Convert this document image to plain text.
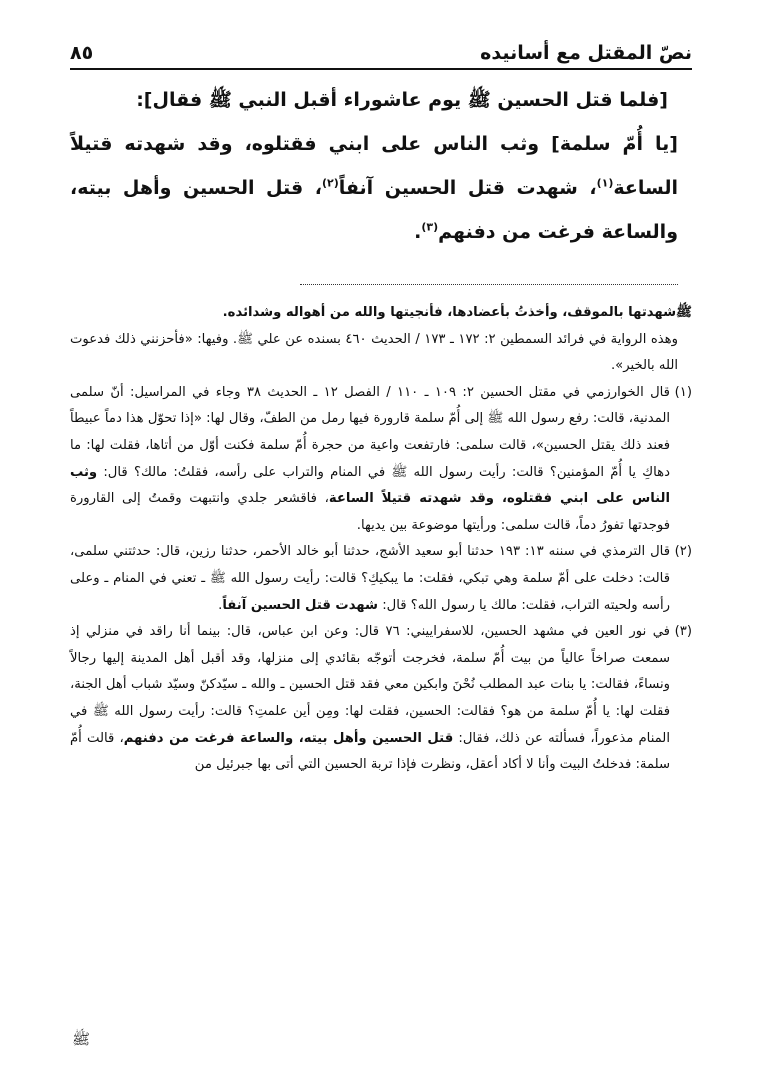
نصّ المقتل مع أسانيده
٨٥

[فلما قتل الحسين ﷺ يوم عاشوراء أقبل النبي ﷺ فقال]:

[يا أُمّ سلمة] وثب الناس على ابني فقتلوه، وقد شهدته قتيلاً الساعة$^{(١)}$، شهدت قتل الحسين آنفاً$^{(٢)}$، قتل الحسين وأهل بيته، والساعة فرغت من دفنهم$^{(٣)}$.

ﷺشهدتها بالموقف، وأخذتُ بأعضادها، فأنجيتها والله من أهواله وشدائده.

وهذه الرواية في فرائد السمطين ٢: ١٧٢ ـ ١٧٣ / الحديث ٤٦٠ بسنده عن علي ﷺ. وفيها: «فأحزنني ذلك فدعوت الله بالخير».

(١)
قال الخوارزمي في مقتل الحسين ٢: ١٠٩ ـ ١١٠ / الفصل ١٢ ـ الحديث ٣٨ وجاء في المراسيل: أنّ سلمى المدنية، قالت: رفع رسول الله ﷺ إلى أُمّ سلمة قارورة فيها رمل من الطفّ، وقال لها: «إذا تحوّل هذا دماً عبيطاً فعند ذلك يقتل الحسين»، قالت سلمى: فارتفعت واعية من حجرة أُمّ سلمة فكنت أوّل من أتاها، فقلت لها: ما دهاكِ يا أُمّ المؤمنين؟ قالت: رأيت رسول الله ﷺ في المنام والتراب على رأسه، فقلتُ: مالك؟ قال: وثب الناس على ابني فقتلوه، وقد شهدته قتيلاً الساعة، فاقشعر جلدي وانتبهت وقمتُ إلى القارورة فوجدتها تفورُ دماً، قالت سلمى: ورأيتها موضوعة بين يديها.
(٢)
قال الترمذي في سننه ١٣: ١٩٣ حدثنا أبو سعيد الأشج، حدثنا أبو خالد الأحمر، حدثنا رزين، قال: حدثتني سلمى، قالت: دخلت على أمّ سلمة وهي تبكي، فقلت: ما يبكيكِ؟ قالت: رأيت رسول الله ﷺ ـ تعني في المنام ـ وعلى رأسه ولحيته التراب، فقلت: مالك يا رسول الله؟ قال: شهدت قتل الحسين آنفاً.
(٣)
في نور العين في مشهد الحسين، للاسفراييني: ٧٦ قال: وعن ابن عباس، قال: بينما أنا راقد في منزلي إذ سمعت صراخاً عالياً من بيت أُمّ سلمة، فخرجت أتوجّه بقائدي إلى منزلها، وقد أقبل أهل المدينة إليها رجالاً ونساءً، فقالت: يا بنات عبد المطلب نُحْنَ وابكين معي فقد قتل الحسين ـ والله ـ سيّدكنّ وسيّد شباب أهل الجنة، فقلت لها: يا أُمّ سلمة من هو؟ فقالت: الحسين، فقلت لها: ومِن أين علمتِ؟ قالت: رأيت رسول الله ﷺ في المنام مذعوراً، فسألته عن ذلك، فقال: قتل الحسين وأهل بيته، والساعة فرغت من دفنهم، قالت أُمّ سلمة: فدخلتُ البيت وأنا لا أكاد أعقل، ونظرت فإذا تربة الحسين التي أتى بها جبرئيل من
ﷺ
